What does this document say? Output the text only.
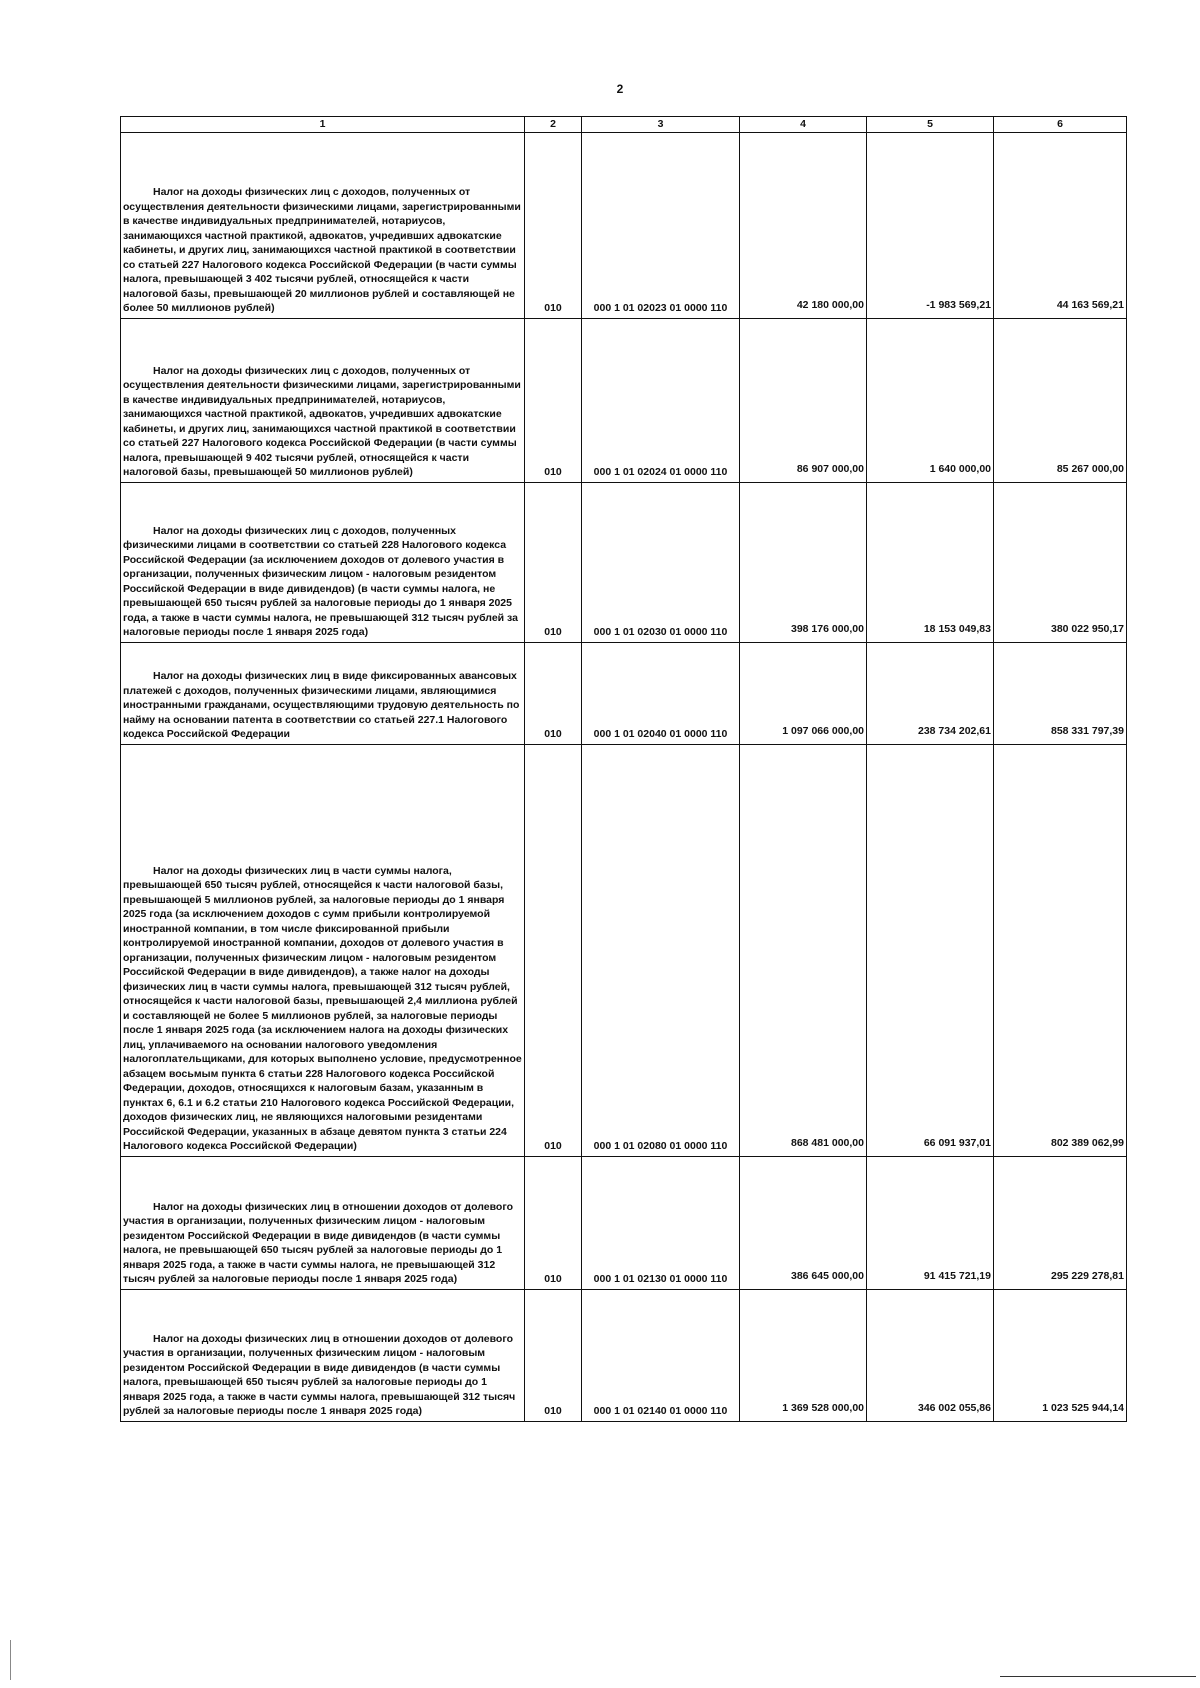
2
1	2	3	4	5	6

Налог на доходы физических лиц с доходов, полученных от осуществления деятельности физическими лицами, зарегистрированными в качестве индивидуальных предпринимателей, нотариусов, занимающихся частной практикой, адвокатов, учредивших адвокатские кабинеты, и других лиц, занимающихся частной практикой в соответствии со статьей 227 Налогового кодекса Российской Федерации (в части суммы налога, превышающей 3 402 тысячи рублей, относящейся к части налоговой базы, превышающей 20 миллионов рублей и составляющей не более 50 миллионов рублей)	010	000 1 01 02023 01 0000 110	42 180 000,00	-1 983 569,21	44 163 569,21

Налог на доходы физических лиц с доходов, полученных от осуществления деятельности физическими лицами, зарегистрированными в качестве индивидуальных предпринимателей, нотариусов, занимающихся частной практикой, адвокатов, учредивших адвокатские кабинеты, и других лиц, занимающихся частной практикой в соответствии со статьей 227 Налогового кодекса Российской Федерации (в части суммы налога, превышающей 9 402 тысячи рублей, относящейся к части налоговой базы, превышающей 50 миллионов рублей)	010	000 1 01 02024 01 0000 110	86 907 000,00	1 640 000,00	85 267 000,00

Налог на доходы физических лиц с доходов, полученных физическими лицами в соответствии со статьей 228 Налогового кодекса Российской Федерации (за исключением доходов от долевого участия в организации, полученных физическим лицом - налоговым резидентом Российской Федерации в виде дивидендов) (в части суммы налога, не превышающей 650 тысяч рублей за налоговые периоды до 1 января 2025 года, а также в части суммы налога, не превышающей 312 тысяч рублей за налоговые периоды после 1 января 2025 года)	010	000 1 01 02030 01 0000 110	398 176 000,00	18 153 049,83	380 022 950,17

Налог на доходы физических лиц в виде фиксированных авансовых платежей с доходов, полученных физическими лицами, являющимися иностранными гражданами, осуществляющими трудовую деятельность по найму на основании патента в соответствии со статьей 227.1 Налогового кодекса Российской Федерации	010	000 1 01 02040 01 0000 110	1 097 066 000,00	238 734 202,61	858 331 797,39

Налог на доходы физических лиц в части суммы налога, превышающей 650 тысяч рублей, относящейся к части налоговой базы, превышающей 5 миллионов рублей, за налоговые периоды до 1 января 2025 года (за исключением доходов с сумм прибыли контролируемой иностранной компании, в том числе фиксированной прибыли контролируемой иностранной компании, доходов от долевого участия в организации, полученных физическим лицом - налоговым резидентом Российской Федерации в виде дивидендов), а также налог на доходы физических лиц в части суммы налога, превышающей 312 тысяч рублей, относящейся к части налоговой базы, превышающей 2,4 миллиона рублей и составляющей не более 5 миллионов рублей, за налоговые периоды после 1 января 2025 года (за исключением налога на доходы физических лиц, уплачиваемого на основании налогового уведомления налогоплательщиками, для которых выполнено условие, предусмотренное абзацем восьмым пункта 6 статьи 228 Налогового кодекса Российской Федерации, доходов, относящихся к налоговым базам, указанным в пунктах 6, 6.1 и 6.2 статьи 210 Налогового кодекса Российской Федерации, доходов физических лиц, не являющихся налоговыми резидентами Российской Федерации, указанных в абзаце девятом пункта 3 статьи 224 Налогового кодекса Российской Федерации)	010	000 1 01 02080 01 0000 110	868 481 000,00	66 091 937,01	802 389 062,99

Налог на доходы физических лиц в отношении доходов от долевого участия в организации, полученных физическим лицом - налоговым резидентом Российской Федерации в виде дивидендов (в части суммы налога, не превышающей 650 тысяч рублей за налоговые периоды до 1 января 2025 года, а также в части суммы налога, не превышающей 312 тысяч рублей за налоговые периоды после 1 января 2025 года)	010	000 1 01 02130 01 0000 110	386 645 000,00	91 415 721,19	295 229 278,81

Налог на доходы физических лиц в отношении доходов от долевого участия в организации, полученных физическим лицом - налоговым резидентом Российской Федерации в виде дивидендов (в части суммы налога, превышающей 650 тысяч рублей за налоговые периоды до 1 января 2025 года, а также в части суммы налога, превышающей 312 тысяч рублей за налоговые периоды после 1 января 2025 года)	010	000 1 01 02140 01 0000 110	1 369 528 000,00	346 002 055,86	1 023 525 944,14
